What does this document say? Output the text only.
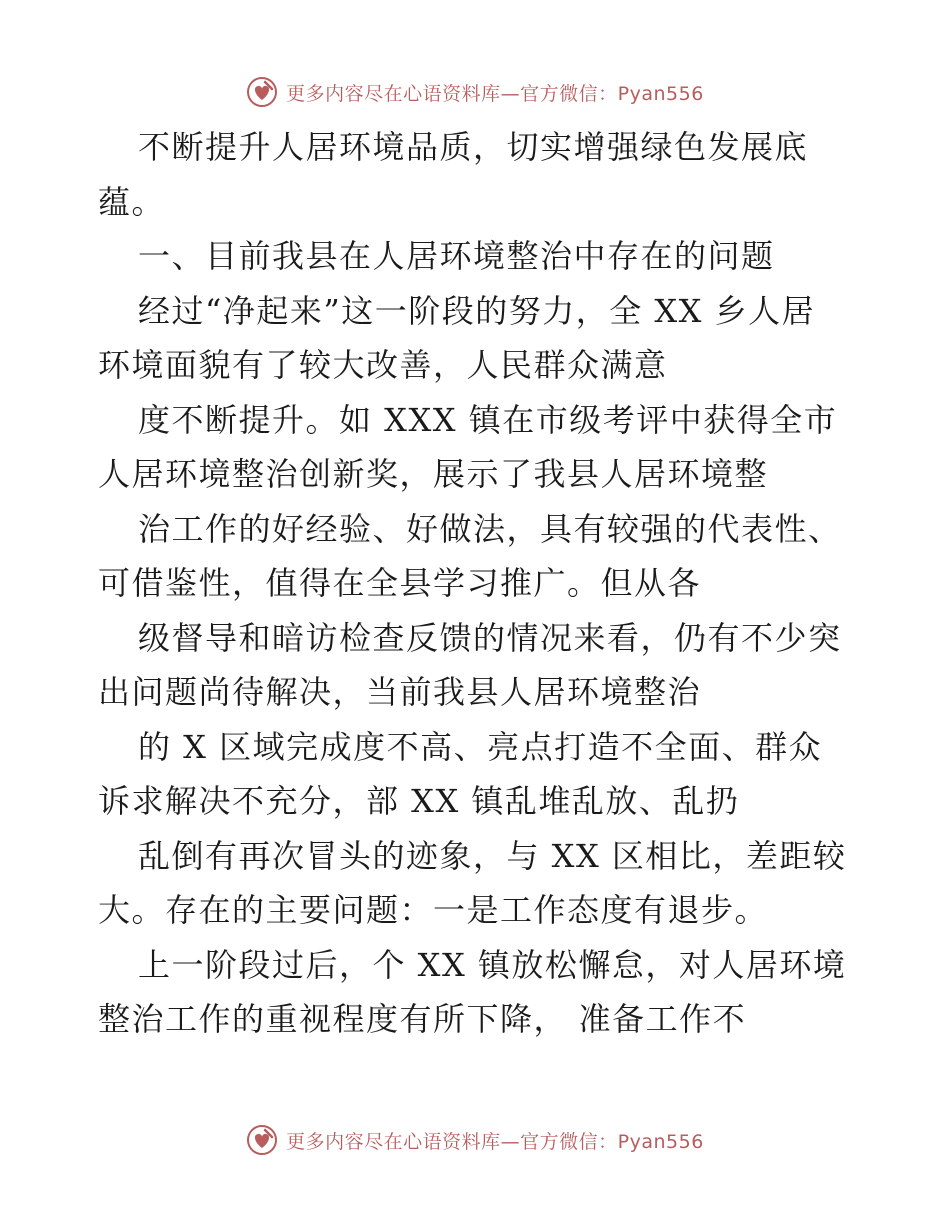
更多内容尽在心语资料库—官方微信：Pyan556
不断提升人居环境品质，切实增强绿色发展底
蕴。
一、目前我县在人居环境整治中存在的问题
经过“净起来”这一阶段的努力，全 XX 乡人居
环境面貌有了较大改善，人民群众满意
度不断提升。如 XXX 镇在市级考评中获得全市
人居环境整治创新奖，展示了我县人居环境整
治工作的好经验、好做法，具有较强的代表性、
可借鉴性，值得在全县学习推广。但从各
级督导和暗访检查反馈的情况来看，仍有不少突
出问题尚待解决，当前我县人居环境整治
的 X 区域完成度不高、亮点打造不全面、群众
诉求解决不充分，部 XX 镇乱堆乱放、乱扔
乱倒有再次冒头的迹象，与 XX 区相比，差距较
大。存在的主要问题：一是工作态度有退步。
上一阶段过后，个 XX 镇放松懈怠，对人居环境
整治工作的重视程度有所下降， 准备工作不
更多内容尽在心语资料库—官方微信：Pyan556
